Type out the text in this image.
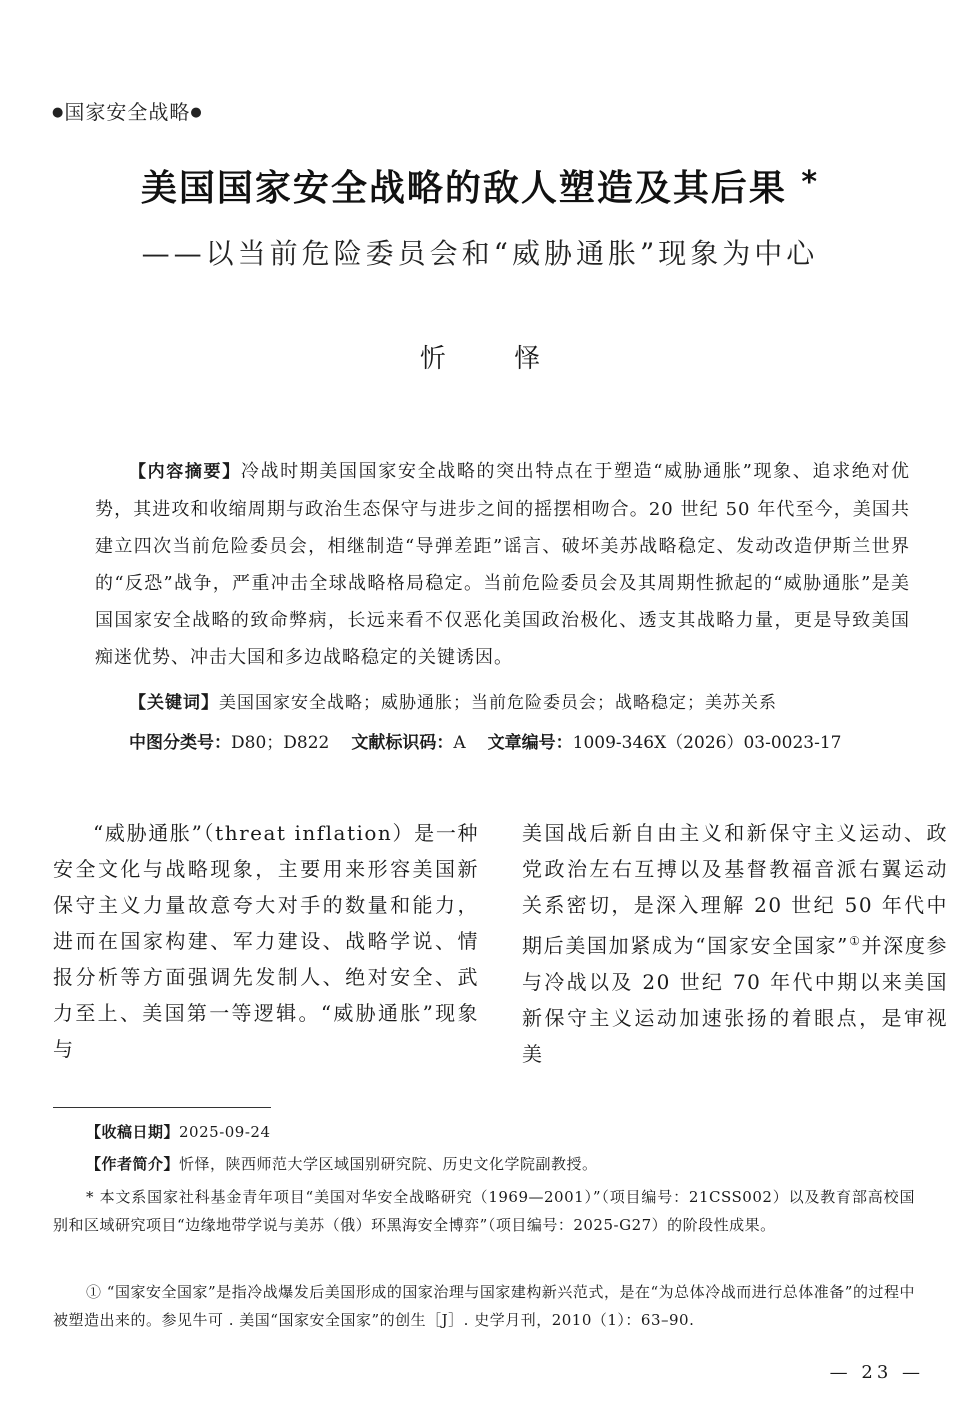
●国家安全战略●
美国国家安全战略的敌人塑造及其后果 *
——以当前危险委员会和“威胁通胀”现象为中心
忻 怿
【内容摘要】冷战时期美国国家安全战略的突出特点在于塑造“威胁通胀”现象、追求绝对优势，其进攻和收缩周期与政治生态保守与进步之间的摇摆相吻合。20 世纪 50 年代至今，美国共建立四次当前危险委员会，相继制造“导弹差距”谣言、破坏美苏战略稳定、发动改造伊斯兰世界的“反恐”战争，严重冲击全球战略格局稳定。当前危险委员会及其周期性掀起的“威胁通胀”是美国国家安全战略的致命弊病，长远来看不仅恶化美国政治极化、透支其战略力量，更是导致美国痴迷优势、冲击大国和多边战略稳定的关键诱因。
【关键词】美国国家安全战略；威胁通胀；当前危险委员会；战略稳定；美苏关系
中图分类号：D80；D822 文献标识码：A 文章编号：1009-346X（2026）03-0023-17
“威胁通胀”（threat inflation）是一种安全文化与战略现象，主要用来形容美国新保守主义力量故意夸大对手的数量和能力，进而在国家构建、军力建设、战略学说、情报分析等方面强调先发制人、绝对安全、武力至上、美国第一等逻辑。“威胁通胀”现象与
美国战后新自由主义和新保守主义运动、政党政治左右互搏以及基督教福音派右翼运动关系密切，是深入理解 20 世纪 50 年代中期后美国加紧成为“国家安全国家”①并深度参与冷战以及 20 世纪 70 年代中期以来美国新保守主义运动加速张扬的着眼点，是审视美
【收稿日期】2025-09-24
【作者简介】忻怿，陕西师范大学区域国别研究院、历史文化学院副教授。
* 本文系国家社科基金青年项目“美国对华安全战略研究（1969—2001）”（项目编号：21CSS002）以及教育部高校国别和区域研究项目“边缘地带学说与美苏（俄）环黑海安全博弈”（项目编号：2025-G27）的阶段性成果。
① “国家安全国家”是指冷战爆发后美国形成的国家治理与国家建构新兴范式，是在“为总体冷战而进行总体准备”的过程中被塑造出来的。参见牛可 . 美国“国家安全国家”的创生［J］. 史学月刊，2010（1）：63–90.
— 23 —
